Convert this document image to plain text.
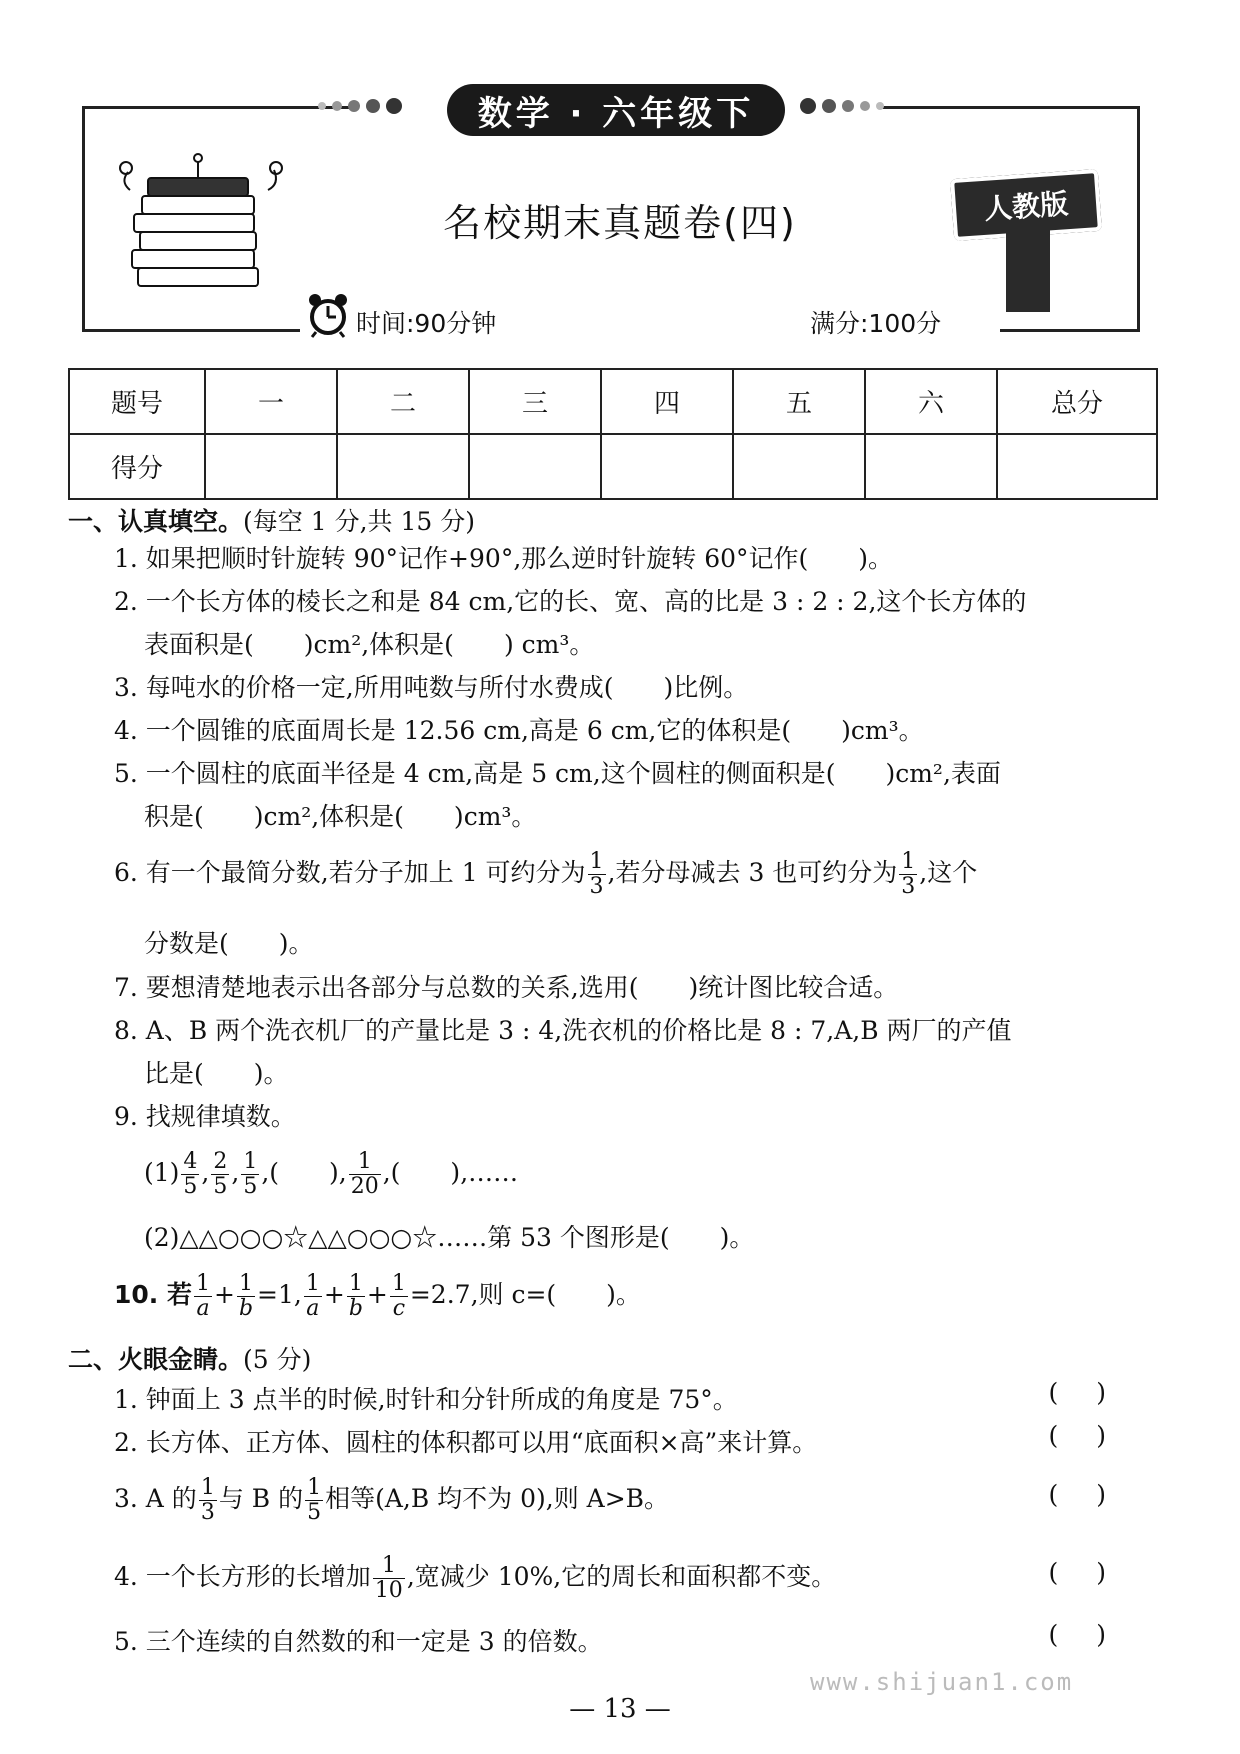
数学 · 六年级下
名校期末真题卷(四)	人教版
时间:90分钟	满分:100分
题号	一	二	三	四	五	六	总分
得分							
一、认真填空。(每空 1 分,共 15 分)
1. 如果把顺时针旋转 90°记作+90°,那么逆时针旋转 60°记作(　　)。
2. 一个长方体的棱长之和是 84 cm,它的长、宽、高的比是 3 : 2 : 2,这个长方体的
表面积是(　　)cm²,体积是(　　) cm³。
3. 每吨水的价格一定,所用吨数与所付水费成(　　)比例。
4. 一个圆锥的底面周长是 12.56 cm,高是 6 cm,它的体积是(　　)cm³。
5. 一个圆柱的底面半径是 4 cm,高是 5 cm,这个圆柱的侧面积是(　　)cm²,表面
积是(　　)cm²,体积是(　　)cm³。
6. 有一个最简分数,若分子加上 1 可约分为 $\frac{1}{3}$ ,若分母减去 3 也可约分为 $\frac{1}{3}$ ,这个
分数是(　　)。
7. 要想清楚地表示出各部分与总数的关系,选用(　　)统计图比较合适。
8. A、B 两个洗衣机厂的产量比是 3 : 4,洗衣机的价格比是 8 : 7,A,B 两厂的产值
比是(　　)。
9. 找规律填数。
$(1) \frac{4}{5}$ , $\frac{2}{5}$ , $\frac{1}{5}$ ,(　　), $\frac{1}{20}$ ,(　　),……
(2)△△○○○☆△△○○○☆……第 53 个图形是(　　)。
10. 若 $\frac{1}{a} + \frac{1}{b} =1$, $\frac{1}{a} + \frac{1}{b} + \frac{1}{c} =2.7$,则 c=(　　)。
二、火眼金睛。(5 分)
1. 钟面上 3 点半的时候,时针和分针所成的角度是 75°。	()
2. 长方体、正方体、圆柱的体积都可以用“底面积×高”来计算。	()
3. A 的 $\frac{1}{3}$ 与 B 的 $\frac{1}{5}$ 相等(A,B 均不为 0),则 A>B。	()
4. 一个长方形的长增加 $\frac{1}{10}$ ,宽减少 10%,它的周长和面积都不变。	()
5. 三个连续的自然数的和一定是 3 的倍数。	()
www.shijuan1.com
— 13 —
